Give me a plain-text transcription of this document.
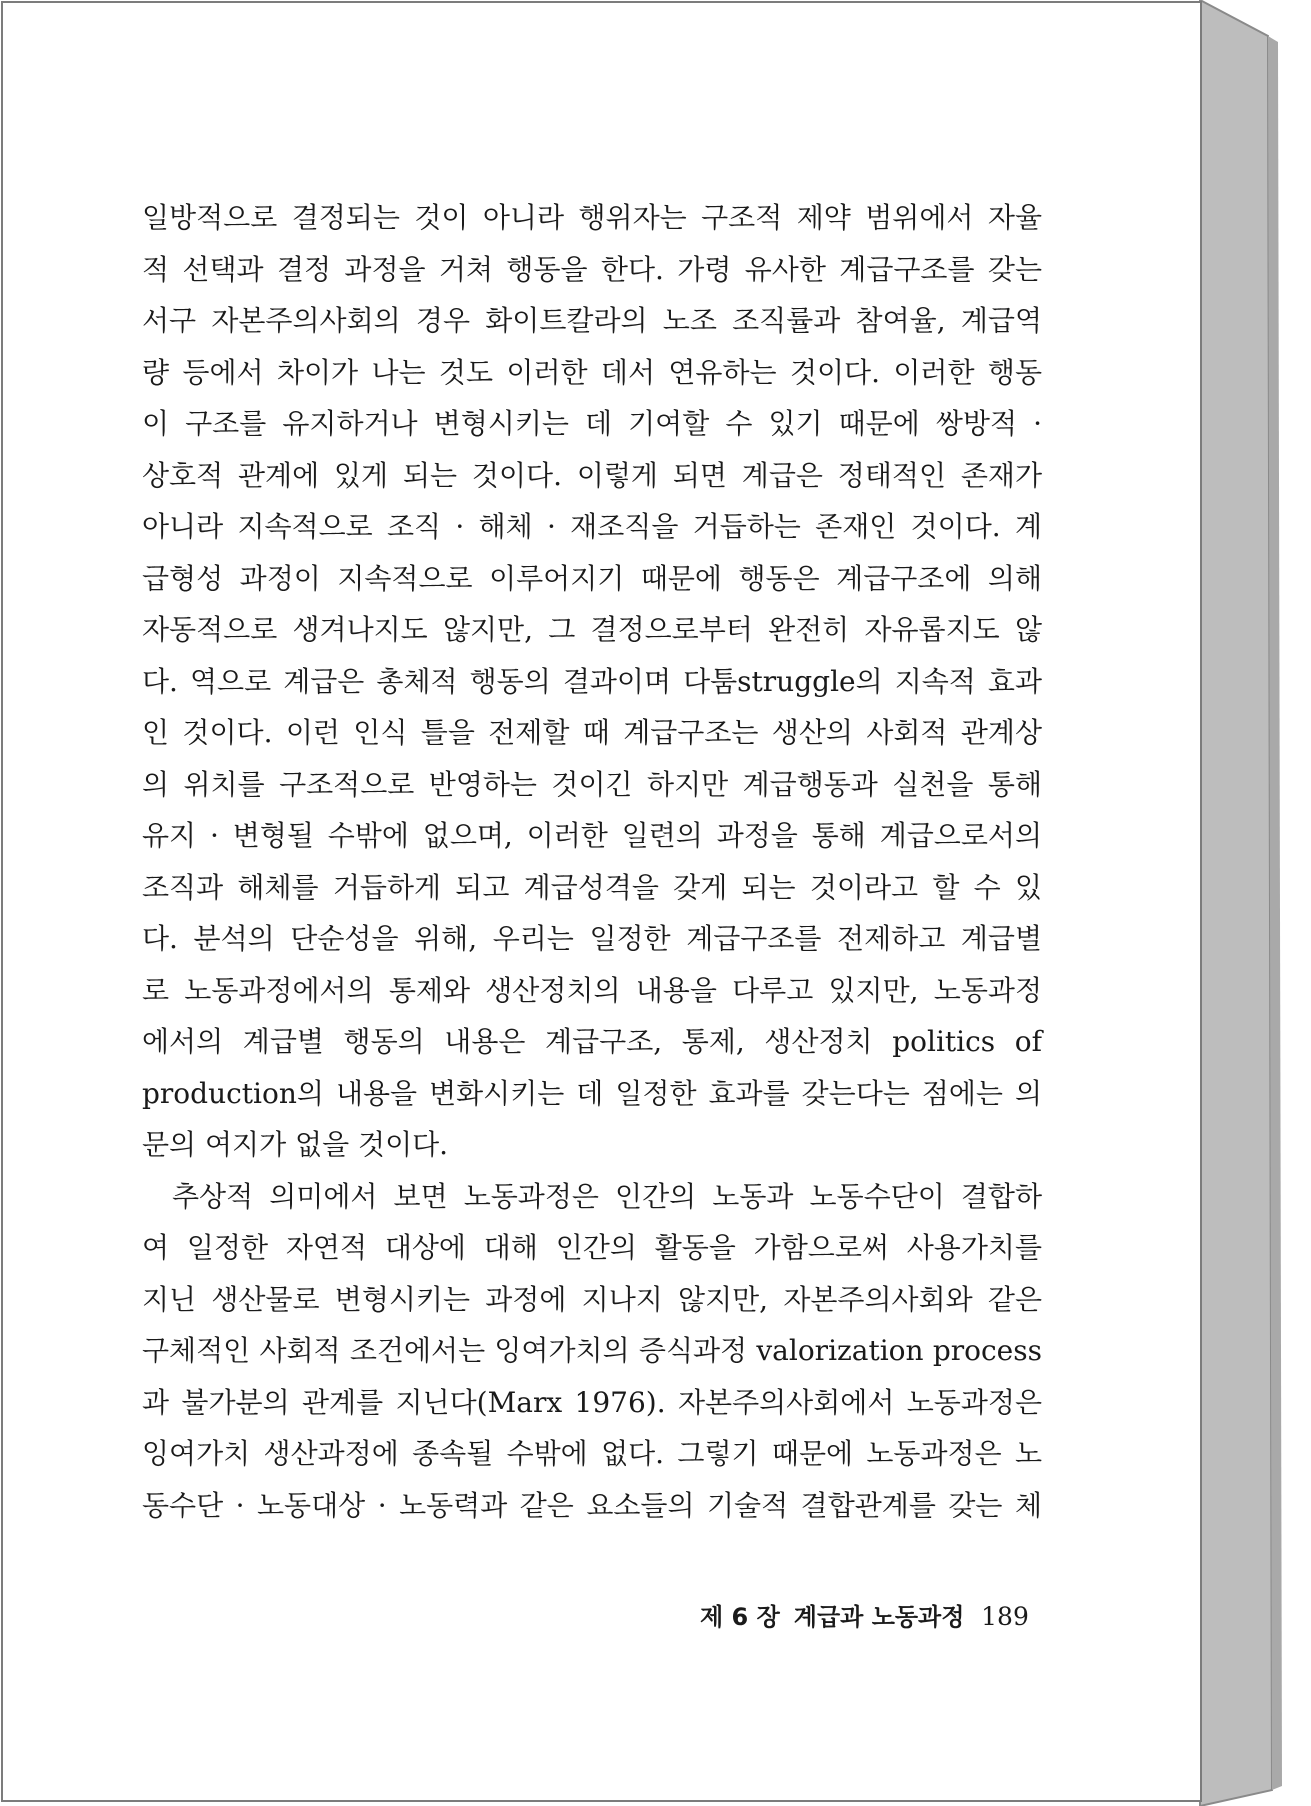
일방적으로 결정되는 것이 아니라 행위자는 구조적 제약 범위에서 자율
적 선택과 결정 과정을 거쳐 행동을 한다. 가령 유사한 계급구조를 갖는
서구 자본주의사회의 경우 화이트칼라의 노조 조직률과 참여율, 계급역
량 등에서 차이가 나는 것도 이러한 데서 연유하는 것이다. 이러한 행동
이 구조를 유지하거나 변형시키는 데 기여할 수 있기 때문에 쌍방적 ·
상호적 관계에 있게 되는 것이다. 이렇게 되면 계급은 정태적인 존재가
아니라 지속적으로 조직 · 해체 · 재조직을 거듭하는 존재인 것이다. 계
급형성 과정이 지속적으로 이루어지기 때문에 행동은 계급구조에 의해
자동적으로 생겨나지도 않지만, 그 결정으로부터 완전히 자유롭지도 않
다. 역으로 계급은 총체적 행동의 결과이며 다툼struggle의 지속적 효과
인 것이다. 이런 인식 틀을 전제할 때 계급구조는 생산의 사회적 관계상
의 위치를 구조적으로 반영하는 것이긴 하지만 계급행동과 실천을 통해
유지 · 변형될 수밖에 없으며, 이러한 일련의 과정을 통해 계급으로서의
조직과 해체를 거듭하게 되고 계급성격을 갖게 되는 것이라고 할 수 있
다. 분석의 단순성을 위해, 우리는 일정한 계급구조를 전제하고 계급별
로 노동과정에서의 통제와 생산정치의 내용을 다루고 있지만, 노동과정
에서의 계급별 행동의 내용은 계급구조, 통제, 생산정치 politics of
production의 내용을 변화시키는 데 일정한 효과를 갖는다는 점에는 의
문의 여지가 없을 것이다.
추상적 의미에서 보면 노동과정은 인간의 노동과 노동수단이 결합하
여 일정한 자연적 대상에 대해 인간의 활동을 가함으로써 사용가치를
지닌 생산물로 변형시키는 과정에 지나지 않지만, 자본주의사회와 같은
구체적인 사회적 조건에서는 잉여가치의 증식과정 valorization process
과 불가분의 관계를 지닌다(Marx 1976). 자본주의사회에서 노동과정은
잉여가치 생산과정에 종속될 수밖에 없다. 그렇기 때문에 노동과정은 노
동수단 · 노동대상 · 노동력과 같은 요소들의 기술적 결합관계를 갖는 체
제 6 장 계급과 노동과정 189
